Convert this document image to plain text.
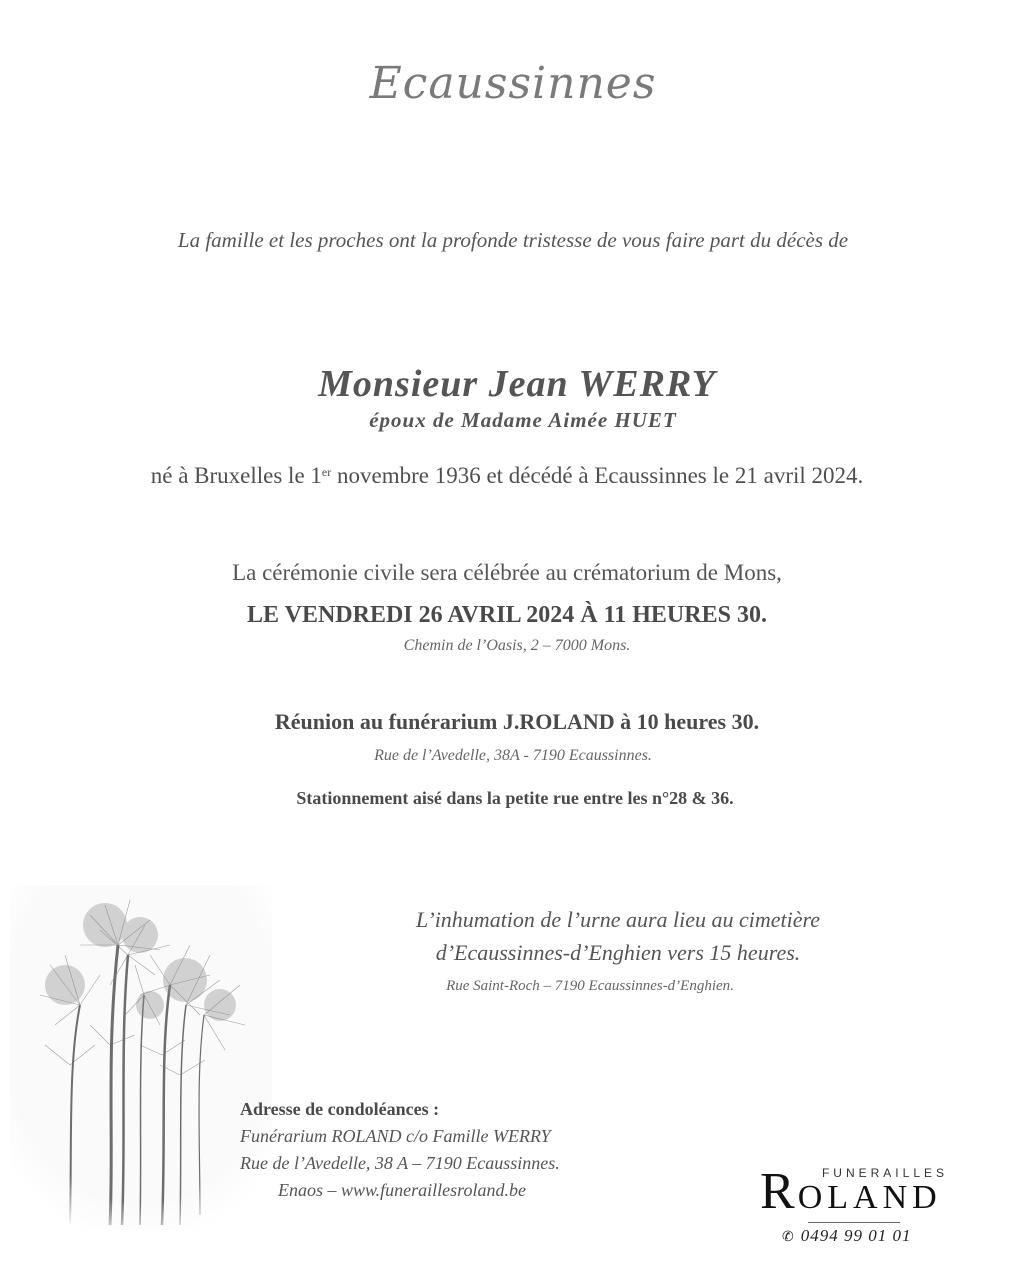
Ecaussinnes
La famille et les proches ont la profonde tristesse de vous faire part du décès de
Monsieur Jean WERRY
époux de Madame Aimée HUET
né à Bruxelles le 1er novembre 1936 et décédé à Ecaussinnes le 21 avril 2024.
La cérémonie civile sera célébrée au crématorium de Mons,
LE VENDREDI 26 AVRIL 2024 À 11 HEURES 30.
Chemin de l’Oasis, 2 – 7000 Mons.
Réunion au funérarium J.ROLAND à 10 heures 30.
Rue de l’Avedelle, 38A - 7190 Ecaussinnes.
Stationnement aisé dans la petite rue entre les n°28 & 36.
L’inhumation de l’urne aura lieu au cimetière
d’Ecaussinnes-d’Enghien vers 15 heures.
Rue Saint-Roch – 7190 Ecaussinnes-d’Enghien.
Adresse de condoléances :
Funérarium ROLAND c/o Famille WERRY
Rue de l’Avedelle, 38 A – 7190 Ecaussinnes.
Enaos – www.funeraillesroland.be
FUNERAILLES
ROLAND
✆ 0494 99 01 01
